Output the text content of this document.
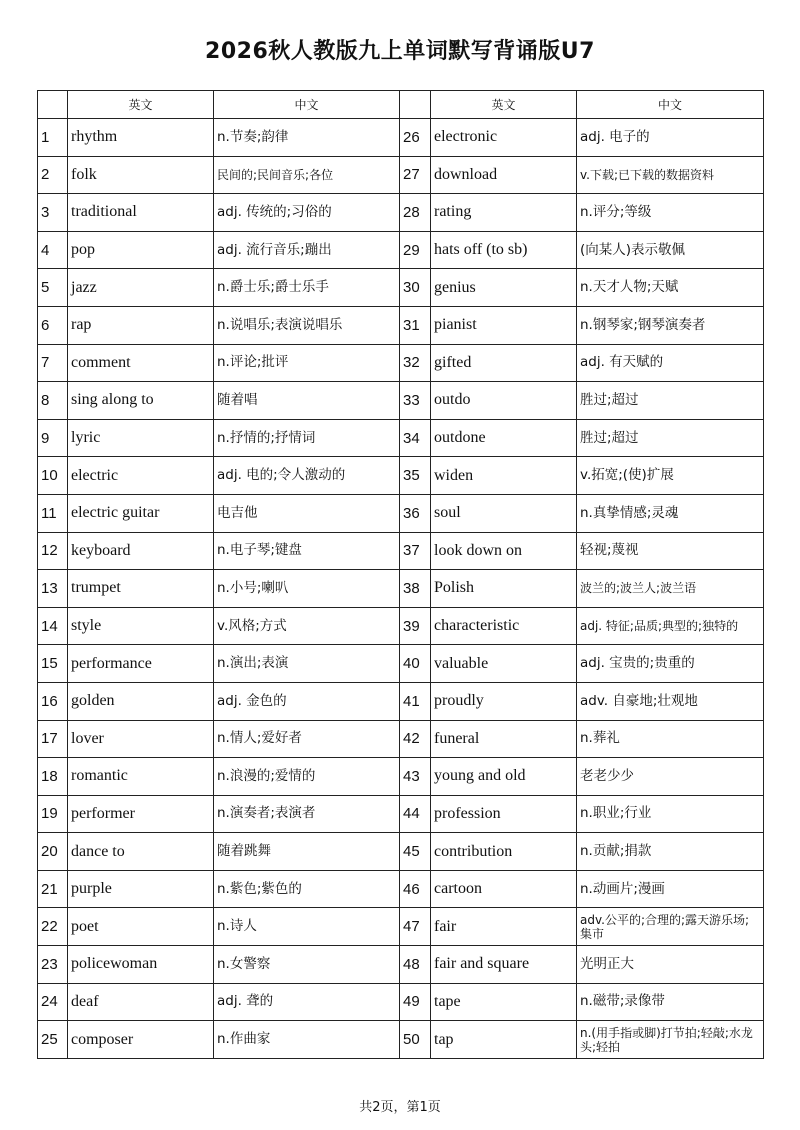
2026秋人教版九上单词默写背诵版U7
	英文	中文		英文	中文
1	rhythm	n.节奏;韵律	26	electronic	adj. 电子的
2	folk	民间的;民间音乐;各位	27	download	v.下载;已下载的数据资料
3	traditional	adj. 传统的;习俗的	28	rating	n.评分;等级
4	pop	adj. 流行音乐;蹦出	29	hats off (to sb)	(向某人)表示敬佩
5	jazz	n.爵士乐;爵士乐手	30	genius	n.天才人物;天赋
6	rap	n.说唱乐;表演说唱乐	31	pianist	n.钢琴家;钢琴演奏者
7	comment	n.评论;批评	32	gifted	adj. 有天赋的
8	sing along to	随着唱	33	outdo	胜过;超过
9	lyric	n.抒情的;抒情词	34	outdone	胜过;超过
10	electric	adj. 电的;令人激动的	35	widen	v.拓宽;(使)扩展
11	electric guitar	电吉他	36	soul	n.真挚情感;灵魂
12	keyboard	n.电子琴;键盘	37	look down on	轻视;蔑视
13	trumpet	n.小号;喇叭	38	Polish	波兰的;波兰人;波兰语
14	style	v.风格;方式	39	characteristic	adj. 特征;品质;典型的;独特的
15	performance	n.演出;表演	40	valuable	adj. 宝贵的;贵重的
16	golden	adj. 金色的	41	proudly	adv. 自豪地;壮观地
17	lover	n.情人;爱好者	42	funeral	n.葬礼
18	romantic	n.浪漫的;爱情的	43	young and old	老老少少
19	performer	n.演奏者;表演者	44	profession	n.职业;行业
20	dance to	随着跳舞	45	contribution	n.贡献;捐款
21	purple	n.紫色;紫色的	46	cartoon	n.动画片;漫画
22	poet	n.诗人	47	fair	adv.公平的;合理的;露天游乐场;集市
23	policewoman	n.女警察	48	fair and square	光明正大
24	deaf	adj. 聋的	49	tape	n.磁带;录像带
25	composer	n.作曲家	50	tap	n.(用手指或脚)打节拍;轻敲;水龙头;轻拍
共2页，第1页
